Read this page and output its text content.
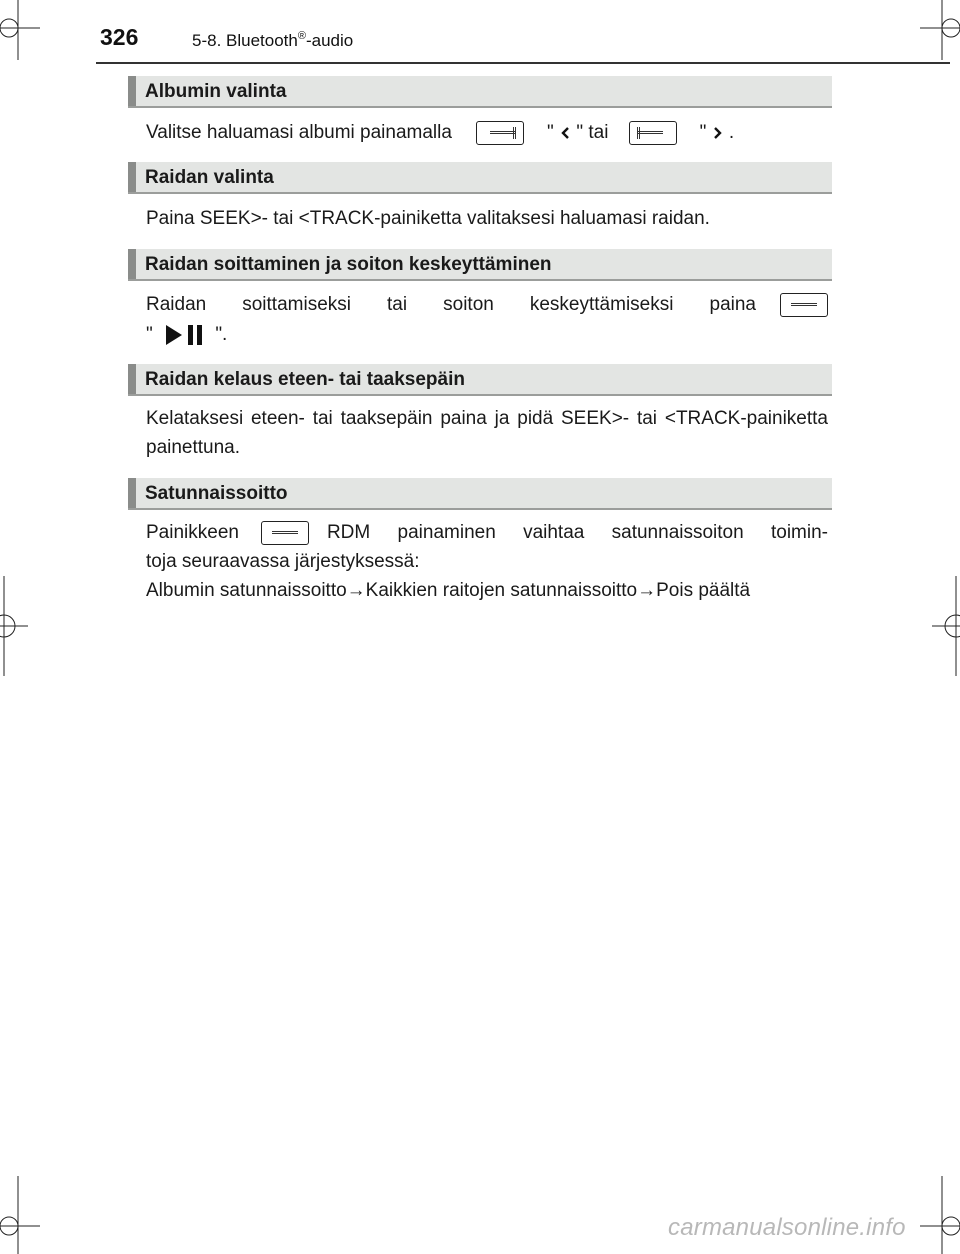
326	5-8. Bluetooth®-audio
Albumin valinta
Valitse haluamasi albumi painamalla	" " tai	" .
Raidan valinta
Paina SEEK>- tai <TRACK-painiketta valitaksesi haluamasi raidan.
Raidan soittaminen ja soiton keskeyttäminen
Raidan soittamiseksi tai soiton keskeyttämiseksi paina
"	".
Raidan kelaus eteen- tai taaksepäin
Kelataksesi eteen- tai taaksepäin paina ja pidä SEEK>- tai <TRACK-painiketta painettuna.
Satunnaissoitto
Painikkeen	RDM painaminen vaihtaa satunnaissoiton toimin-
toja seuraavassa järjestyksessä:
Albumin satunnaissoitto→Kaikkien raitojen satunnaissoitto→Pois päältä
carmanualsonline.info
